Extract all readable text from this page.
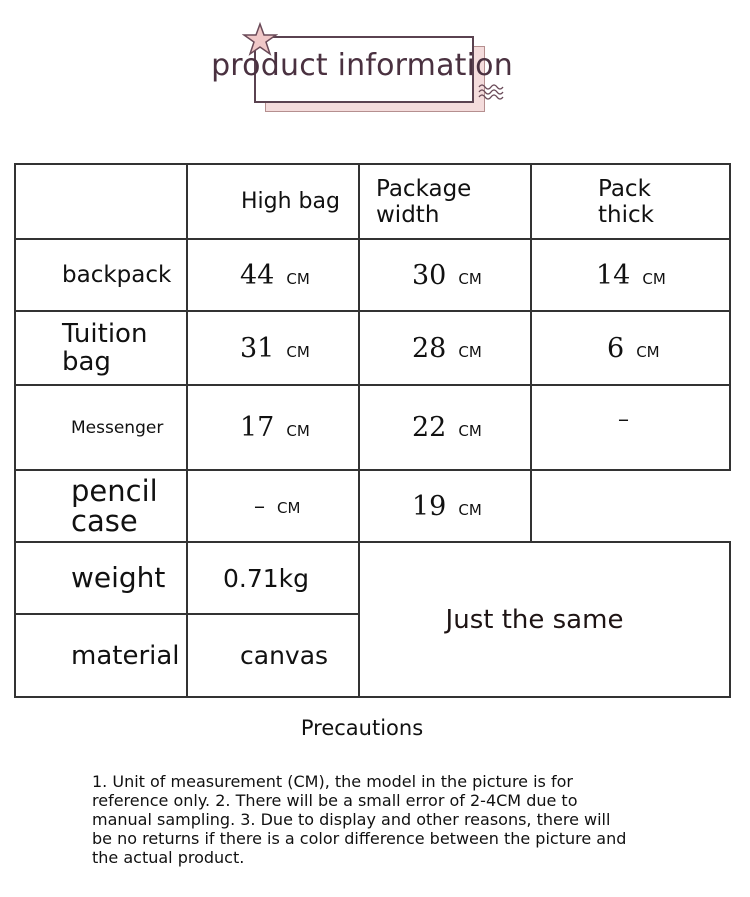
product information
	High bag	Package width	Pack thick

backpack	44 CM	30 CM	14 CM

Tuition bag	31 CM	28 CM	6 CM
Messenger	17 CM	22 CM	–

pencil case	– CM	19 CM	
weight	0.71kg	Just the same	
material	canvas		
Precautions
1. Unit of measurement (CM), the model in the picture is for reference only. 2. There will be a small error of 2-4CM due to manual sampling. 3. Due to display and other reasons, there will be no returns if there is a color difference between the picture and the actual product.
